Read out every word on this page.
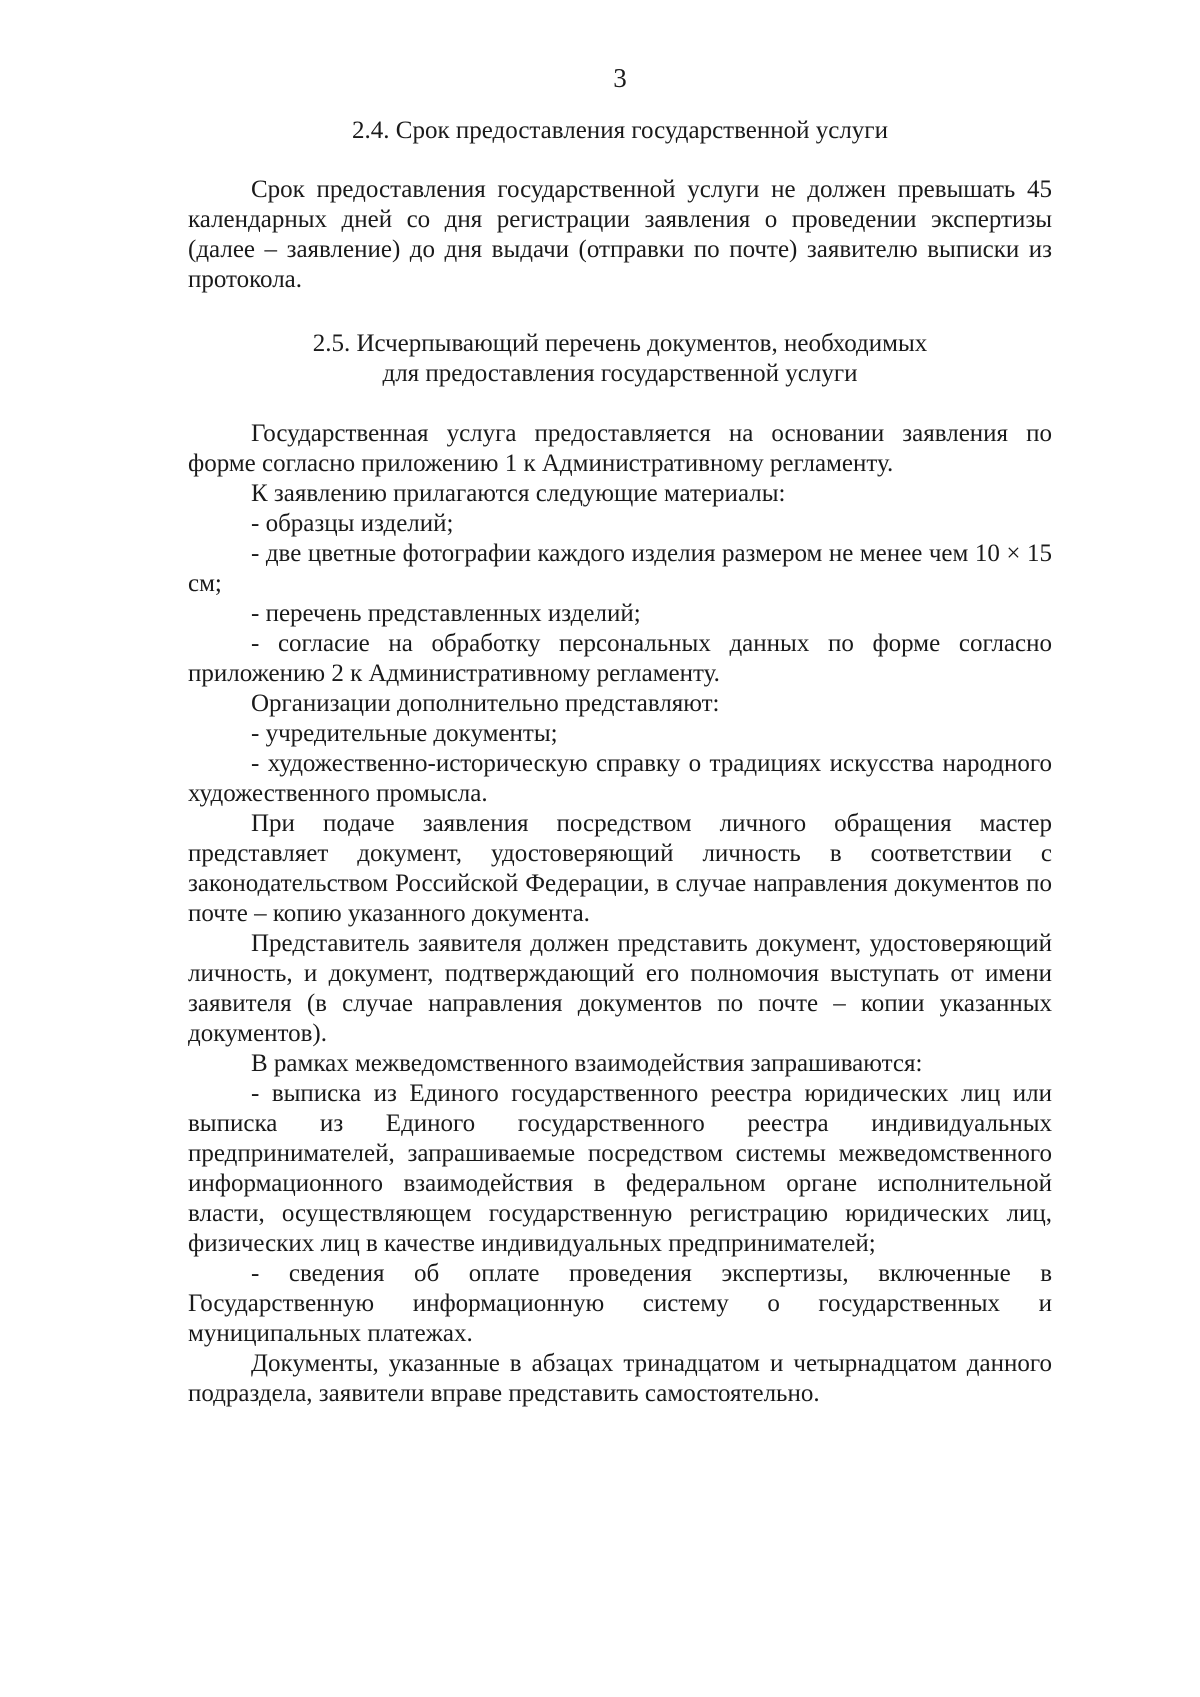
3
2.4. Срок предоставления государственной услуги

Срок предоставления государственной услуги не должен превышать 45 календарных дней со дня регистрации заявления о проведении экспертизы (далее – заявление) до дня выдачи (отправки по почте) заявителю выписки из протокола.

2.5. Исчерпывающий перечень документов, необходимых
для предоставления государственной услуги

Государственная услуга предоставляется на основании заявления по форме согласно приложению 1 к Административному регламенту.

К заявлению прилагаются следующие материалы:

- образцы изделий;

- две цветные фотографии каждого изделия размером не менее чем 10 × 15 см;

- перечень представленных изделий;

- согласие на обработку персональных данных по форме согласно приложению 2 к Административному регламенту.

Организации дополнительно представляют:

- учредительные документы;

- художественно-историческую справку о традициях искусства народного художественного промысла.

При подаче заявления посредством личного обращения мастер представляет документ, удостоверяющий личность в соответствии с законодательством Российской Федерации, в случае направления документов по почте – копию указанного документа.

Представитель заявителя должен представить документ, удостоверяющий личность, и документ, подтверждающий его полномочия выступать от имени заявителя (в случае направления документов по почте – копии указанных документов).

В рамках межведомственного взаимодействия запрашиваются:

- выписка из Единого государственного реестра юридических лиц или выписка из Единого государственного реестра индивидуальных предпринимателей, запрашиваемые посредством системы межведомственного информационного взаимодействия в федеральном органе исполнительной власти, осуществляющем государственную регистрацию юридических лиц, физических лиц в качестве индивидуальных предпринимателей;

- сведения об оплате проведения экспертизы, включенные в Государственную информационную систему о государственных и муниципальных платежах.

Документы, указанные в абзацах тринадцатом и четырнадцатом данного подраздела, заявители вправе представить самостоятельно.
